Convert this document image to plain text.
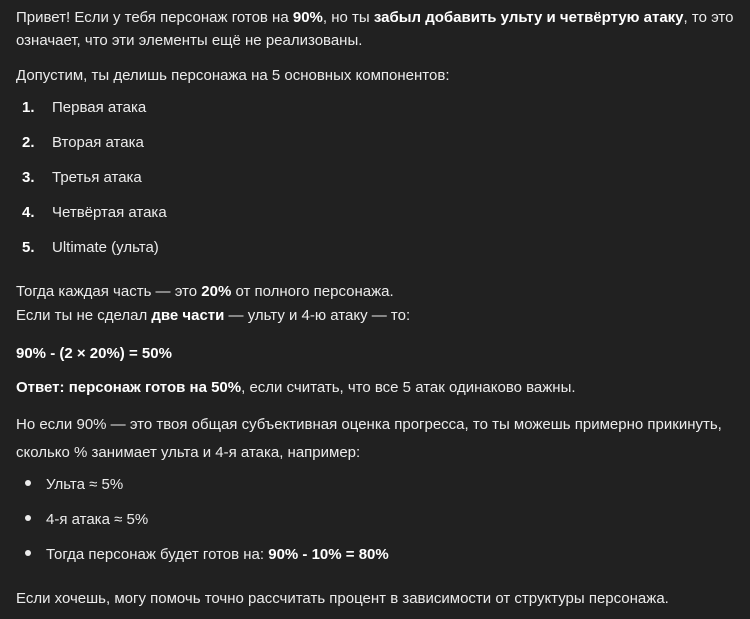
Привет! Если у тебя персонаж готов на 90%, но ты забыл добавить ульту и четвёртую атаку, то это означает, что эти элементы ещё не реализованы.

Допустим, ты делишь персонажа на 5 основных компонентов:

1. Первая атака
2. Вторая атака
3. Третья атака
4. Четвёртая атака
5. Ultimate (ульта)
Тогда каждая часть — это 20% от полного персонажа.
Если ты не сделал две части — ульту и 4-ю атаку — то:

90% - (2 × 20%) = 50%

Ответ: персонаж готов на 50%, если считать, что все 5 атак одинаково важны.

Но если 90% — это твоя общая субъективная оценка прогресса, то ты можешь примерно прикинуть, сколько % занимает ульта и 4-я атака, например:

Ульта ≈ 5%
4-я атака ≈ 5%
Тогда персонаж будет готов на: 90% - 10% = 80%

Если хочешь, могу помочь точно рассчитать процент в зависимости от структуры персонажа.
